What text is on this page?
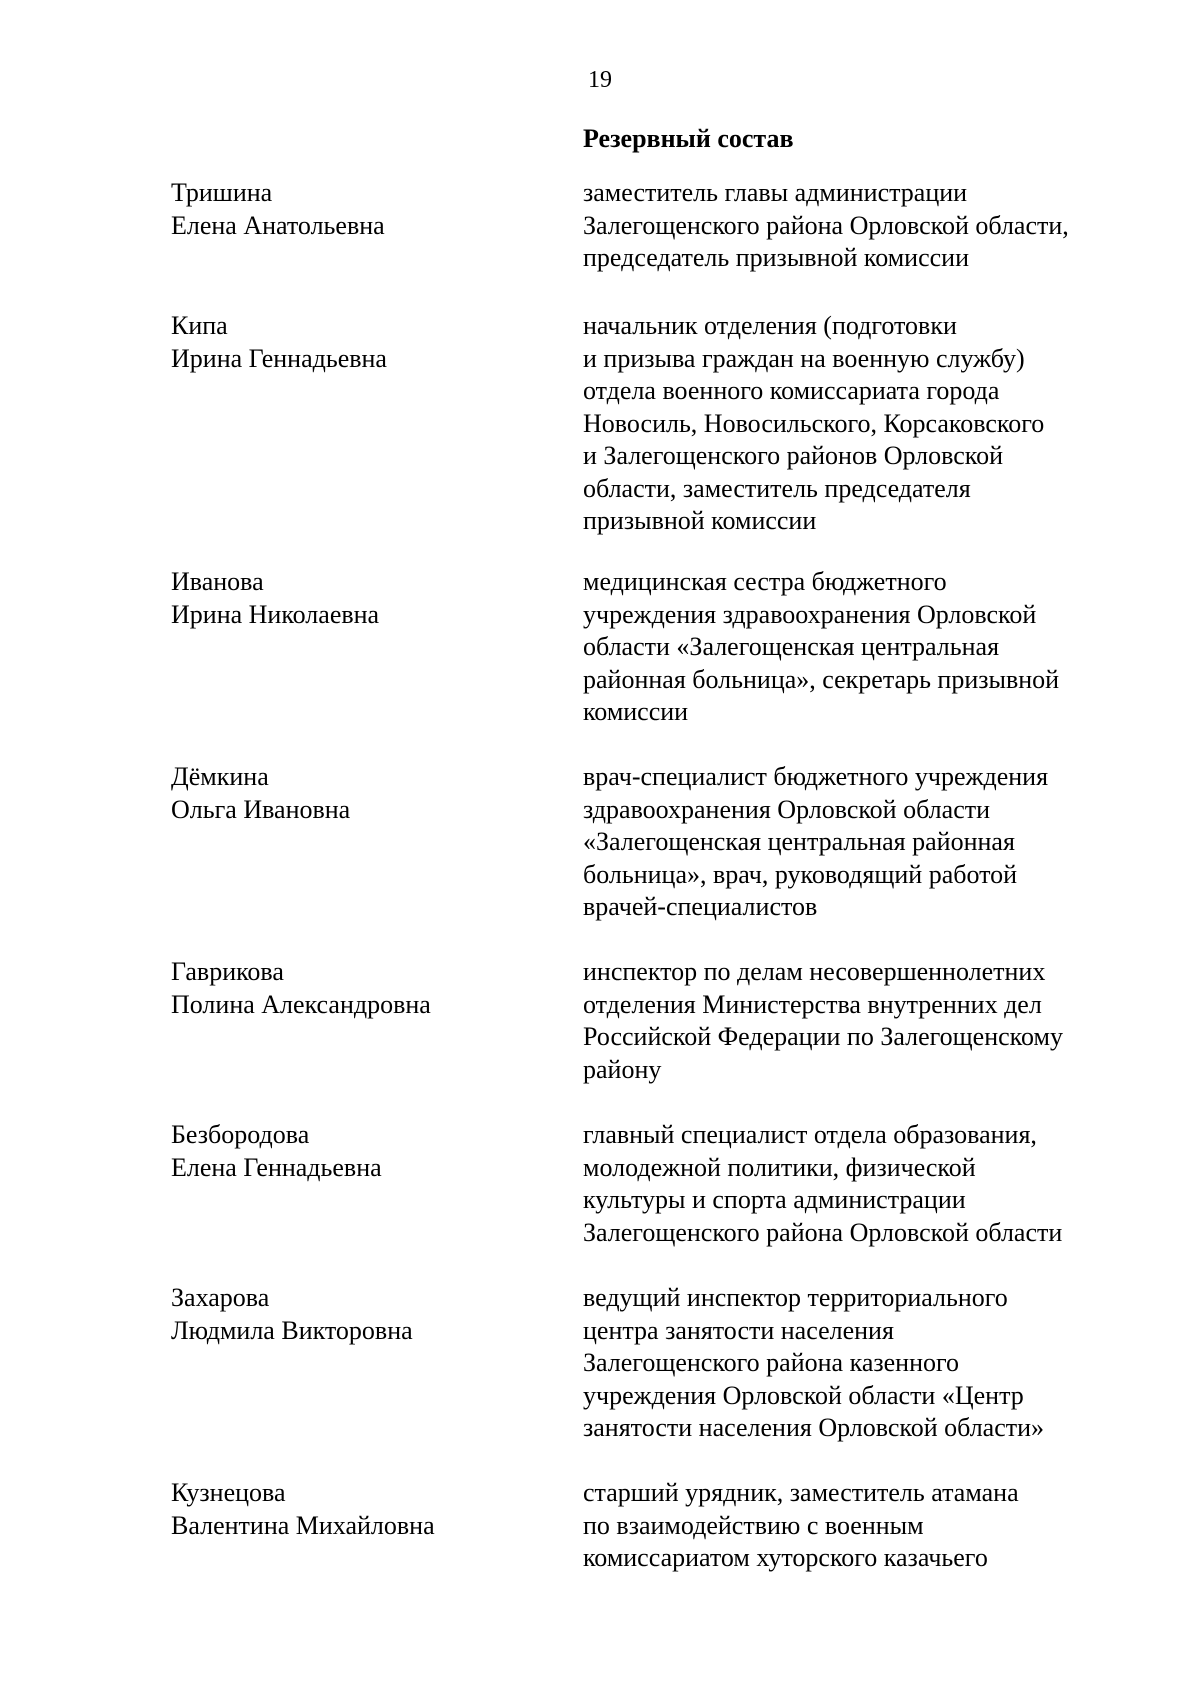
19
Резервный состав
Тришина
Елена Анатольевна
заместитель главы администрации
Залегощенского района Орловской области,
председатель призывной комиссии
Кипа
Ирина Геннадьевна
начальник отделения (подготовки
и призыва граждан на военную службу)
отдела военного комиссариата города
Новосиль, Новосильского, Корсаковского
и Залегощенского районов Орловской
области, заместитель председателя
призывной комиссии
Иванова
Ирина Николаевна
медицинская сестра бюджетного
учреждения здравоохранения Орловской
области «Залегощенская центральная
районная больница», секретарь призывной
комиссии
Дёмкина
Ольга Ивановна
врач-специалист бюджетного учреждения
здравоохранения Орловской области
«Залегощенская центральная районная
больница», врач, руководящий работой
врачей-специалистов
Гаврикова
Полина Александровна
инспектор по делам несовершеннолетних
отделения Министерства внутренних дел
Российской Федерации по Залегощенскому
району
Безбородова
Елена Геннадьевна
главный специалист отдела образования,
молодежной политики, физической
культуры и спорта администрации
Залегощенского района Орловской области
Захарова
Людмила Викторовна
ведущий инспектор территориального
центра занятости населения
Залегощенского района казенного
учреждения Орловской области «Центр
занятости населения Орловской области»
Кузнецова
Валентина Михайловна
старший урядник, заместитель атамана
по взаимодействию с военным
комиссариатом хуторского казачьего
